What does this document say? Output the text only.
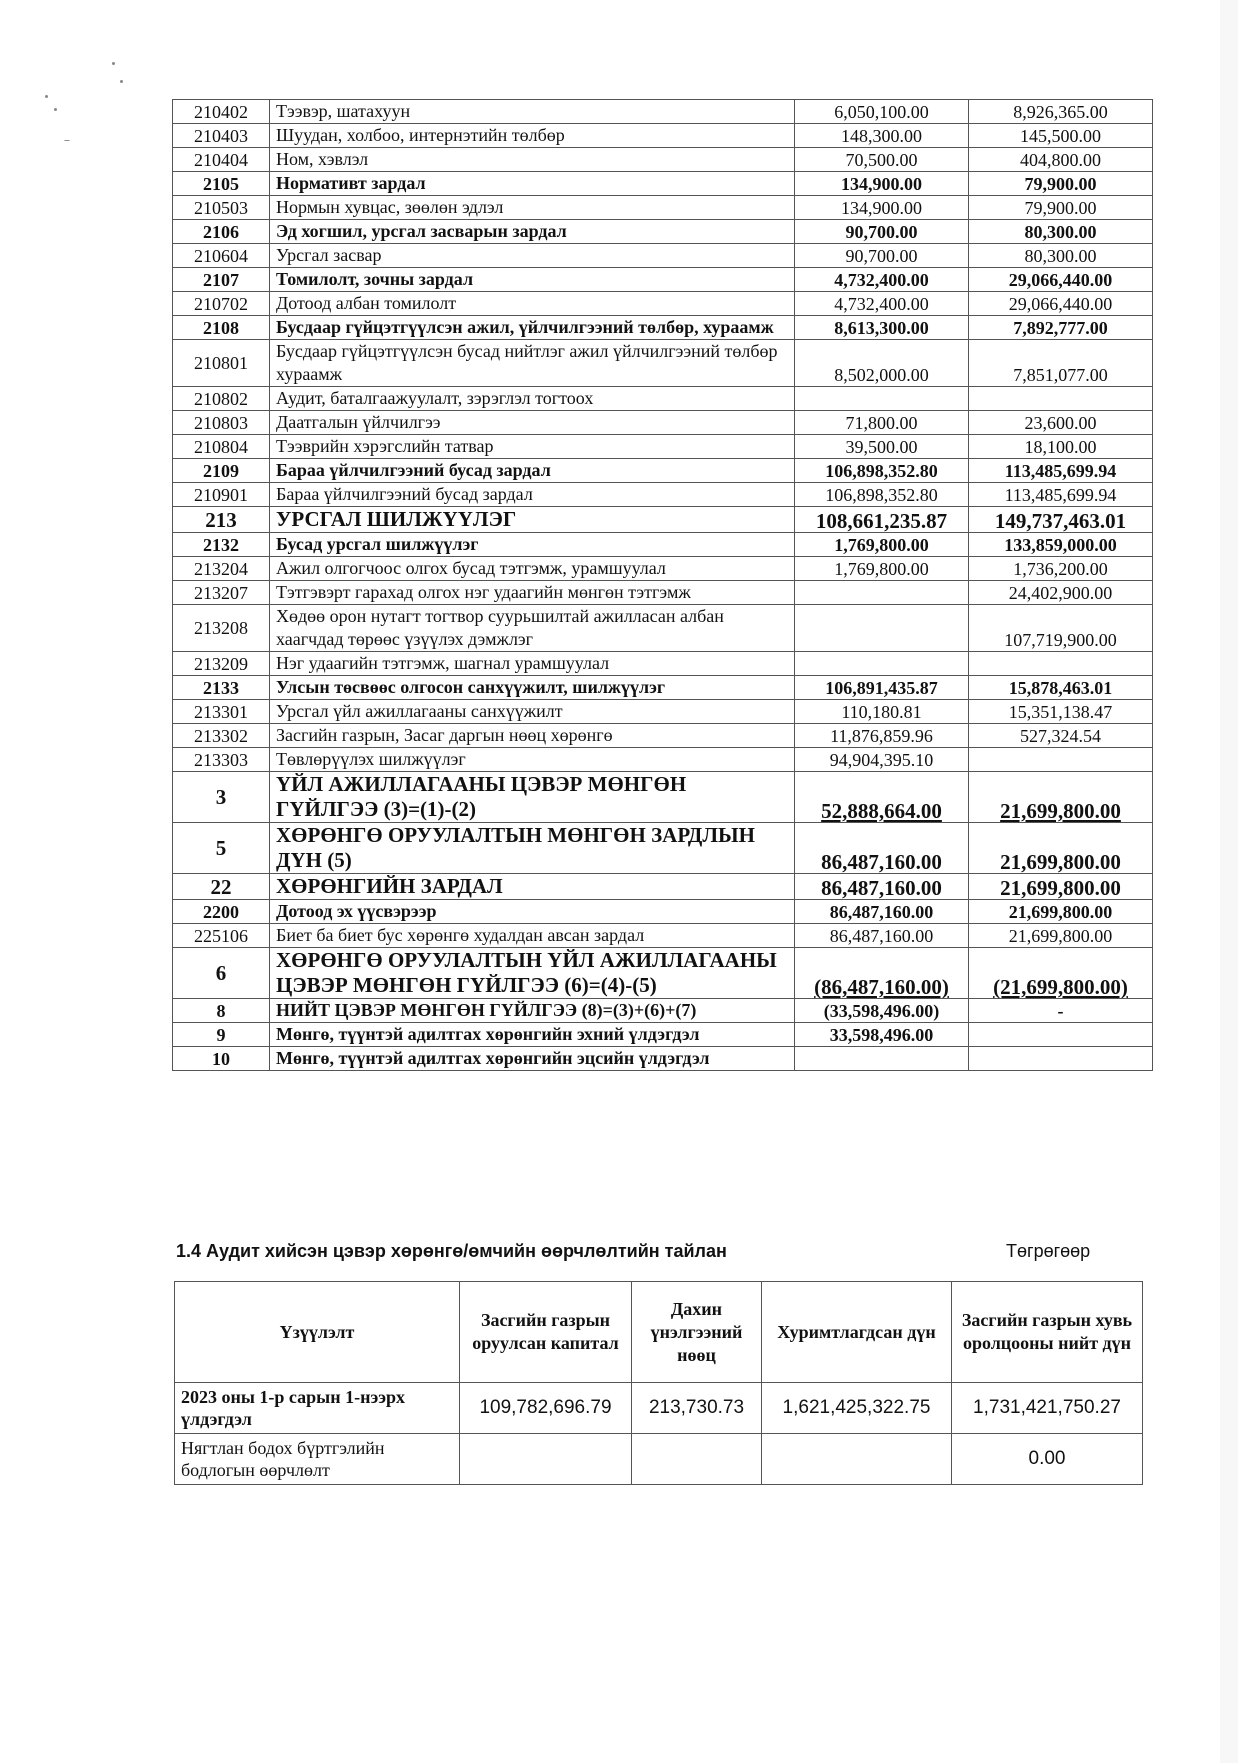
210402	Тээвэр, шатахуун	6,050,100.00	8,926,365.00
210403	Шуудан, холбоо, интернэтийн төлбөр	148,300.00	145,500.00
210404	Ном, хэвлэл	70,500.00	404,800.00
2105	Нормативт зардал	134,900.00	79,900.00
210503	Нормын хувцас, зөөлөн эдлэл	134,900.00	79,900.00
2106	Эд хогшил, урсгал засварын зардал	90,700.00	80,300.00
210604	Урсгал засвар	90,700.00	80,300.00
2107	Томилолт, зочны зардал	4,732,400.00	29,066,440.00
210702	Дотоод албан томилолт	4,732,400.00	29,066,440.00
2108	Бусдаар гүйцэтгүүлсэн ажил, үйлчилгээний төлбөр, хураамж	8,613,300.00	7,892,777.00
210801	Бусдаар гүйцэтгүүлсэн бусад нийтлэг ажил үйлчилгээний төлбөр хураамж	8,502,000.00	7,851,077.00
210802	Аудит, баталгаажуулалт, зэрэглэл тогтоох		
210803	Даатгалын үйлчилгээ	71,800.00	23,600.00
210804	Тээврийн хэрэгслийн татвар	39,500.00	18,100.00
2109	Бараа үйлчилгээний бусад зардал	106,898,352.80	113,485,699.94
210901	Бараа үйлчилгээний бусад зардал	106,898,352.80	113,485,699.94
213	УРСГАЛ ШИЛЖҮҮЛЭГ	108,661,235.87	149,737,463.01
2132	Бусад урсгал шилжүүлэг	1,769,800.00	133,859,000.00
213204	Ажил олгогчоос олгох бусад тэтгэмж, урамшуулал	1,769,800.00	1,736,200.00
213207	Тэтгэвэрт гарахад олгох нэг удаагийн мөнгөн тэтгэмж		24,402,900.00
213208	Хөдөө орон нутагт тогтвор суурьшилтай ажилласан албан хаагчдад төрөөс үзүүлэх дэмжлэг		107,719,900.00
213209	Нэг удаагийн тэтгэмж, шагнал урамшуулал		
2133	Улсын төсвөөс олгосон санхүүжилт, шилжүүлэг	106,891,435.87	15,878,463.01
213301	Урсгал үйл ажиллагааны санхүүжилт	110,180.81	15,351,138.47
213302	Засгийн газрын, Засаг даргын нөөц хөрөнгө	11,876,859.96	527,324.54
213303	Төвлөрүүлэх шилжүүлэг	94,904,395.10	
3	ҮЙЛ АЖИЛЛАГААНЫ ЦЭВЭР МӨНГӨН ГҮЙЛГЭЭ (3)=(1)-(2)	52,888,664.00	21,699,800.00
5	ХӨРӨНГӨ ОРУУЛАЛТЫН МӨНГӨН ЗАРДЛЫН ДҮН (5)	86,487,160.00	21,699,800.00
22	ХӨРӨНГИЙН ЗАРДАЛ	86,487,160.00	21,699,800.00
2200	Дотоод эх үүсвэрээр	86,487,160.00	21,699,800.00
225106	Биет ба биет бус хөрөнгө худалдан авсан зардал	86,487,160.00	21,699,800.00
6	ХӨРӨНГӨ ОРУУЛАЛТЫН ҮЙЛ АЖИЛЛАГААНЫ ЦЭВЭР МӨНГӨН ГҮЙЛГЭЭ (6)=(4)-(5)	(86,487,160.00)	(21,699,800.00)
8	НИЙТ ЦЭВЭР МӨНГӨН ГҮЙЛГЭЭ (8)=(3)+(6)+(7)	(33,598,496.00)	-
9	Мөнгө, түүнтэй адилтгах хөрөнгийн эхний үлдэгдэл	33,598,496.00	
10	Мөнгө, түүнтэй адилтгах хөрөнгийн эцсийн үлдэгдэл		
1.4 Аудит хийсэн цэвэр хөрөнгө/өмчийн өөрчлөлтийн тайлан	Төгрөгөөр
Үзүүлэлт	Засгийн газрын оруулсан капитал	Дахин үнэлгээний нөөц	Хуримтлагдсан дүн	Засгийн газрын хувь оролцооны нийт дүн
2023 оны 1-р сарын 1-нээрх үлдэгдэл	109,782,696.79	213,730.73	1,621,425,322.75	1,731,421,750.27
Нягтлан бодох бүртгэлийн бодлогын өөрчлөлт				0.00
